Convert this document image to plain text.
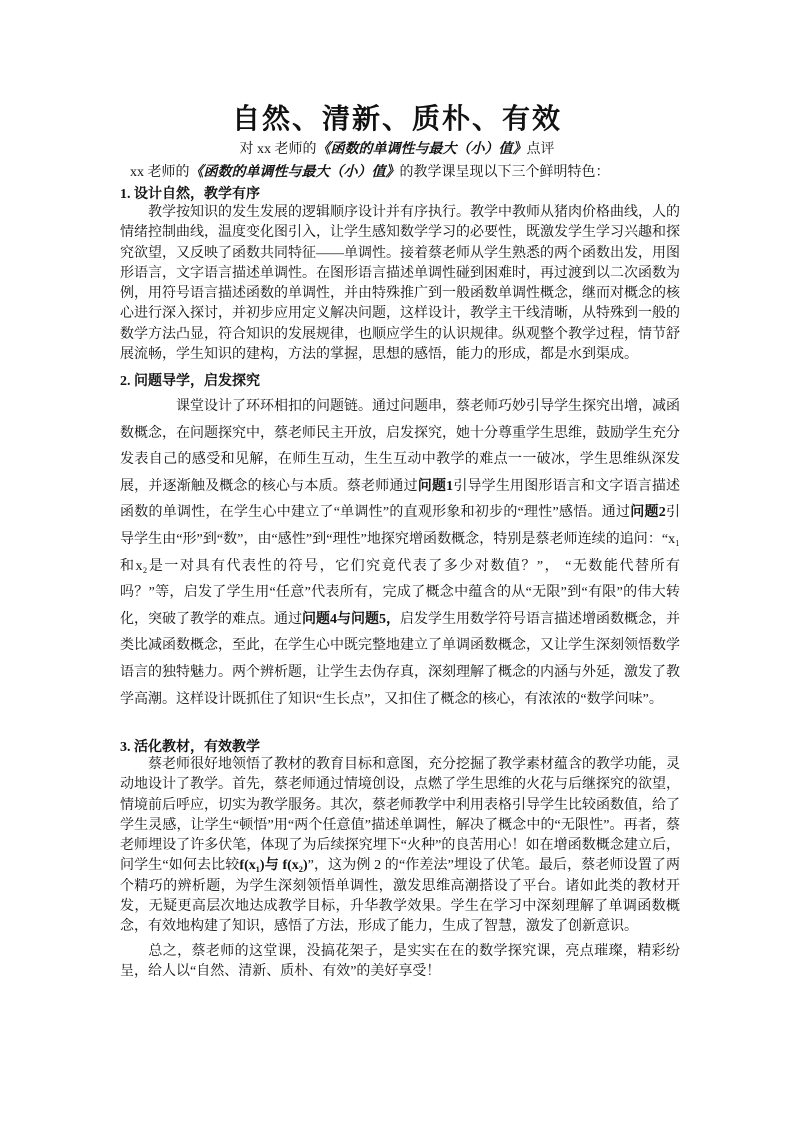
自然、清新、质朴、有效
对 xx 老师的《函数的单调性与最大（小）值》点评
xx 老师的《函数的单调性与最大（小）值》的教学课呈现以下三个鲜明特色：
1. 设计自然，教学有序
教学按知识的发生发展的逻辑顺序设计并有序执行。教学中教师从猪肉价格曲线，人的情绪控制曲线，温度变化图引入，让学生感知数学学习的必要性，既激发学生学习兴趣和探究欲望，又反映了函数共同特征——单调性。接着蔡老师从学生熟悉的两个函数出发，用图形语言，文字语言描述单调性。在图形语言描述单调性碰到困难时，再过渡到以二次函数为例，用符号语言描述函数的单调性，并由特殊推广到一般函数单调性概念，继而对概念的核心进行深入探讨，并初步应用定义解决问题，这样设计，教学主干线清晰，从特殊到一般的数学方法凸显，符合知识的发展规律，也顺应学生的认识规律。纵观整个教学过程，情节舒展流畅，学生知识的建构，方法的掌握，思想的感悟，能力的形成，都是水到渠成。
2. 问题导学，启发探究
课堂设计了环环相扣的问题链。通过问题串，蔡老师巧妙引导学生探究出增，减函数概念，在问题探究中，蔡老师民主开放，启发探究，她十分尊重学生思维，鼓励学生充分发表自己的感受和见解，在师生互动，生生互动中教学的难点一一破冰，学生思维纵深发展，并逐渐触及概念的核心与本质。蔡老师通过问题1引导学生用图形语言和文字语言描述函数的单调性，在学生心中建立了“单调性”的直观形象和初步的“理性”感悟。通过问题2引导学生由“形”到“数”，由“感性”到“理性”地探究增函数概念，特别是蔡老师连续的追问：“x₁和x₂是一对具有代表性的符号，它们究竟代表了多少对数值？”， “无数能代替所有吗？”等，启发了学生用“任意”代表所有，完成了概念中蕴含的从“无限”到“有限”的伟大转化，突破了教学的难点。通过问题4与问题5，启发学生用数学符号语言描述增函数概念，并类比减函数概念，至此，在学生心中既完整地建立了单调函数概念，又让学生深刻领悟数学语言的独特魅力。两个辨析题，让学生去伪存真，深刻理解了概念的内涵与外延，激发了教学高潮。这样设计既抓住了知识“生长点”，又扣住了概念的核心，有浓浓的“数学问味”。
3. 活化教材，有效教学
蔡老师很好地领悟了教材的教育目标和意图，充分挖掘了教学素材蕴含的教学功能，灵动地设计了教学。首先，蔡老师通过情境创设，点燃了学生思维的火花与后继探究的欲望，情境前后呼应，切实为教学服务。其次，蔡老师教学中利用表格引导学生比较函数值，给了学生灵感，让学生“顿悟”用“两个任意值”描述单调性，解决了概念中的“无限性”。再者，蔡老师埋设了许多伏笔，体现了为后续探究埋下“火种”的良苦用心！如在增函数概念建立后，问学生“如何去比较f(x₁)与 f(x₂)”，这为例 2 的“作差法”埋设了伏笔。最后，蔡老师设置了两个精巧的辨析题，为学生深刻领悟单调性，激发思维高潮搭设了平台。诸如此类的教材开发，无疑更高层次地达成教学目标，升华教学效果。学生在学习中深刻理解了单调函数概念，有效地构建了知识，感悟了方法，形成了能力，生成了智慧，激发了创新意识。
总之，蔡老师的这堂课，没搞花架子，是实实在在的数学探究课，亮点璀璨，精彩纷呈，给人以“自然、清新、质朴、有效”的美好享受！
